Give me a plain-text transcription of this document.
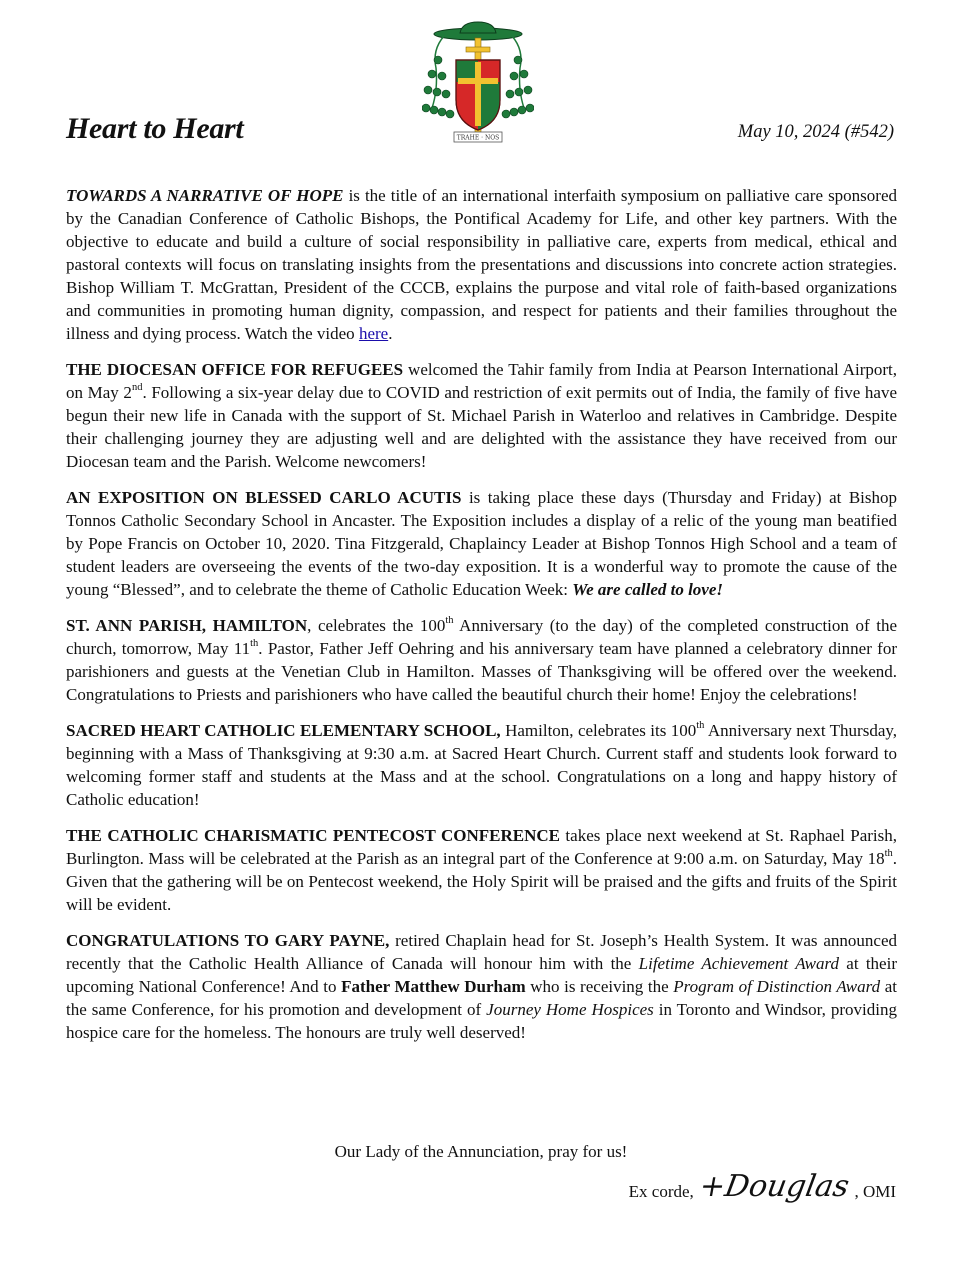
Heart to Heart	TRAHE · NOS	May 10, 2024 (#542)

TOWARDS A NARRATIVE OF HOPE is the title of an international interfaith symposium on palliative care sponsored by the Canadian Conference of Catholic Bishops, the Pontifical Academy for Life, and other key partners. With the objective to educate and build a culture of social responsibility in palliative care, experts from medical, ethical and pastoral contexts will focus on translating insights from the presentations and discussions into concrete action strategies. Bishop William T. McGrattan, President of the CCCB, explains the purpose and vital role of faith-based organizations and communities in promoting human dignity, compassion, and respect for patients and their families throughout the illness and dying process. Watch the video here.

THE DIOCESAN OFFICE FOR REFUGEES welcomed the Tahir family from India at Pearson International Airport, on May 2nd. Following a six-year delay due to COVID and restriction of exit permits out of India, the family of five have begun their new life in Canada with the support of St. Michael Parish in Waterloo and relatives in Cambridge. Despite their challenging journey they are adjusting well and are delighted with the assistance they have received from our Diocesan team and the Parish. Welcome newcomers!

AN EXPOSITION ON BLESSED CARLO ACUTIS is taking place these days (Thursday and Friday) at Bishop Tonnos Catholic Secondary School in Ancaster. The Exposition includes a display of a relic of the young man beatified by Pope Francis on October 10, 2020. Tina Fitzgerald, Chaplaincy Leader at Bishop Tonnos High School and a team of student leaders are overseeing the events of the two-day exposition. It is a wonderful way to promote the cause of the young “Blessed”, and to celebrate the theme of Catholic Education Week: We are called to love!

ST. ANN PARISH, HAMILTON, celebrates the 100th Anniversary (to the day) of the completed construction of the church, tomorrow, May 11th. Pastor, Father Jeff Oehring and his anniversary team have planned a celebratory dinner for parishioners and guests at the Venetian Club in Hamilton. Masses of Thanksgiving will be offered over the weekend. Congratulations to Priests and parishioners who have called the beautiful church their home! Enjoy the celebrations!

SACRED HEART CATHOLIC ELEMENTARY SCHOOL, Hamilton, celebrates its 100th Anniversary next Thursday, beginning with a Mass of Thanksgiving at 9:30 a.m. at Sacred Heart Church. Current staff and students look forward to welcoming former staff and students at the Mass and at the school. Congratulations on a long and happy history of Catholic education!

THE CATHOLIC CHARISMATIC PENTECOST CONFERENCE takes place next weekend at St. Raphael Parish, Burlington. Mass will be celebrated at the Parish as an integral part of the Conference at 9:00 a.m. on Saturday, May 18th. Given that the gathering will be on Pentecost weekend, the Holy Spirit will be praised and the gifts and fruits of the Spirit will be evident.

CONGRATULATIONS TO GARY PAYNE, retired Chaplain head for St. Joseph’s Health System. It was announced recently that the Catholic Health Alliance of Canada will honour him with the Lifetime Achievement Award at their upcoming National Conference! And to Father Matthew Durham who is receiving the Program of Distinction Award at the same Conference, for his promotion and development of Journey Home Hospices in Toronto and Windsor, providing hospice care for the homeless. The honours are truly well deserved!

Our Lady of the Annunciation, pray for us!
Ex corde, +Douglas , OMI
